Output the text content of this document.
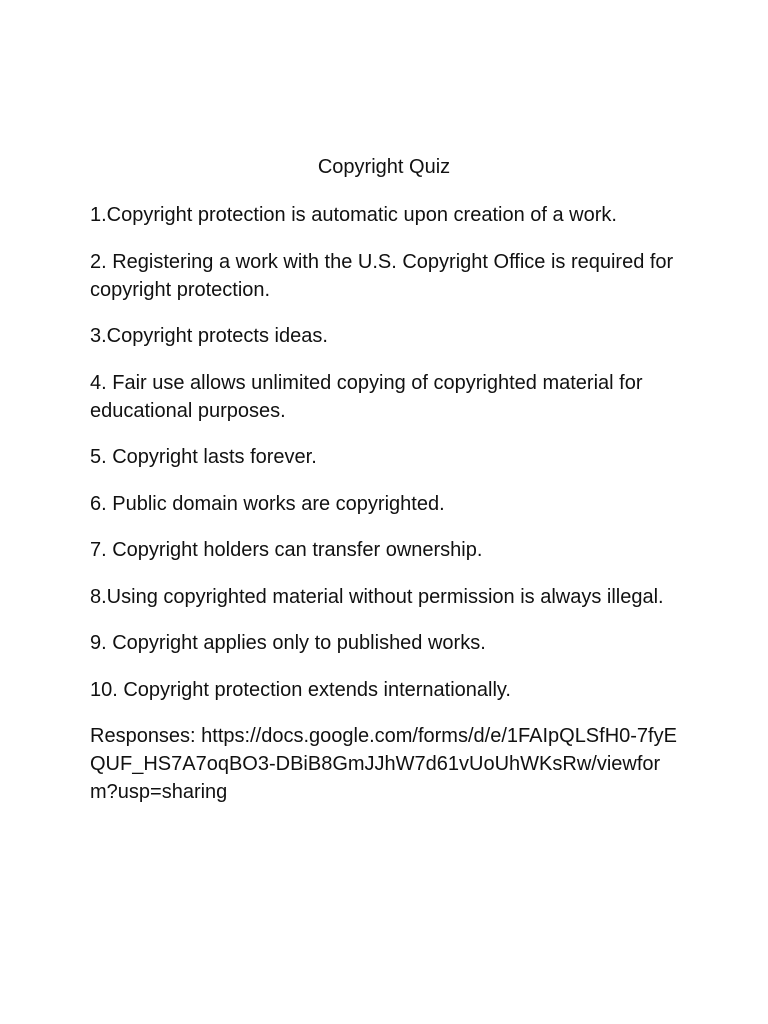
Copyright Quiz
1.Copyright protection is automatic upon creation of a work.
2. Registering a work with the U.S. Copyright Office is required for copyright protection.
3.Copyright protects ideas.
4. Fair use allows unlimited copying of copyrighted material for educational purposes.
5. Copyright lasts forever.
6. Public domain works are copyrighted.
7. Copyright holders can transfer ownership.
8.Using copyrighted material without permission is always illegal.
9. Copyright applies only to published works.
10. Copyright protection extends internationally.
Responses: https://docs.google.com/forms/d/e/1FAIpQLSfH0-7fyEQUF_HS7A7oqBO3-DBiB8GmJJhW7d61vUoUhWKsRw/viewform?usp=sharing
